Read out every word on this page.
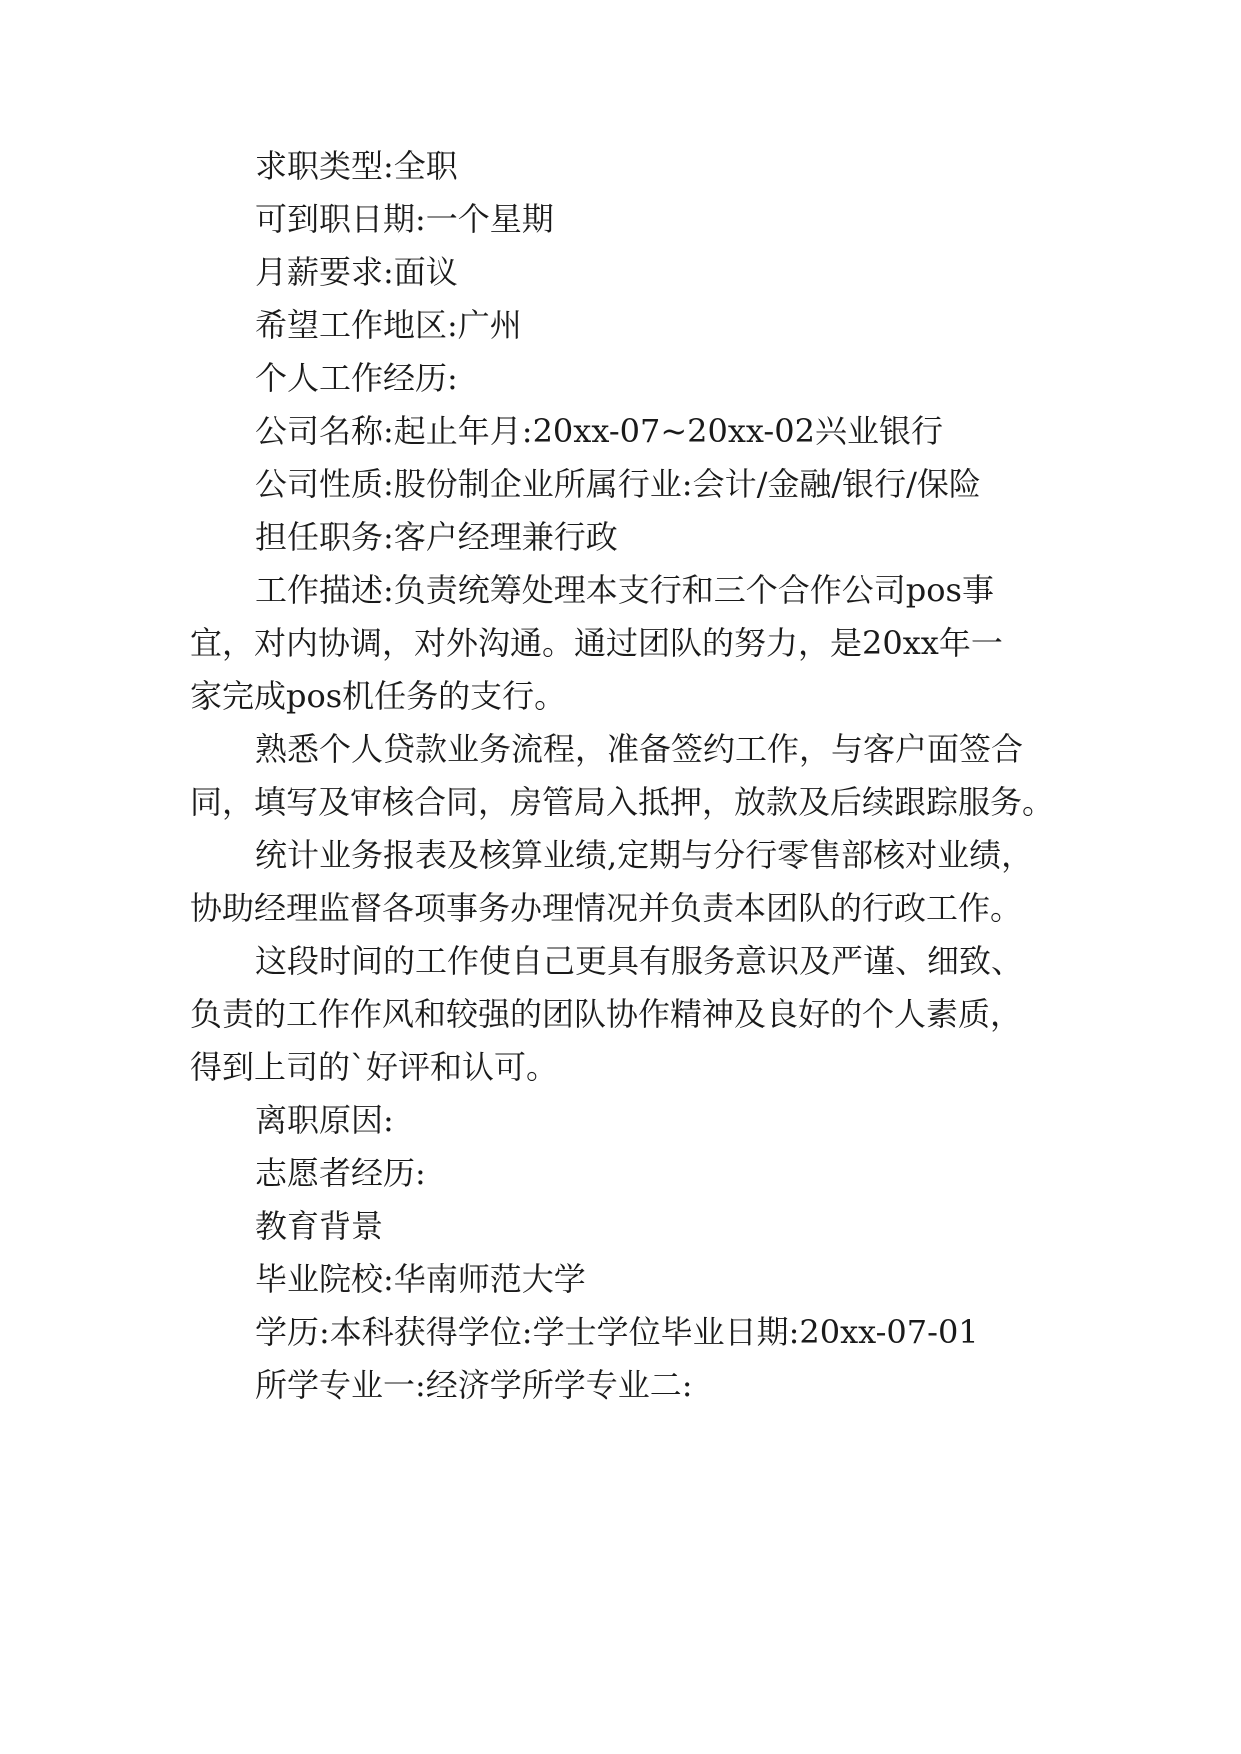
求职类型:全职

可到职日期:一个星期

月薪要求:面议

希望工作地区:广州

个人工作经历:

公司名称:起止年月:20xx-07~20xx-02兴业银行

公司性质:股份制企业所属行业:会计/金融/银行/保险

担任职务:客户经理兼行政

工作描述:负责统筹处理本支行和三个合作公司pos事

宜，对内协调，对外沟通。通过团队的努力，是20xx年一

家完成pos机任务的支行。

熟悉个人贷款业务流程，准备签约工作，与客户面签合

同，填写及审核合同，房管局入抵押，放款及后续跟踪服务。

统计业务报表及核算业绩,定期与分行零售部核对业绩，

协助经理监督各项事务办理情况并负责本团队的行政工作。

这段时间的工作使自己更具有服务意识及严谨、细致、

负责的工作作风和较强的团队协作精神及良好的个人素质，

得到上司的`好评和认可。

离职原因:

志愿者经历:

教育背景

毕业院校:华南师范大学

学历:本科获得学位:学士学位毕业日期:20xx-07-01

所学专业一:经济学所学专业二:
